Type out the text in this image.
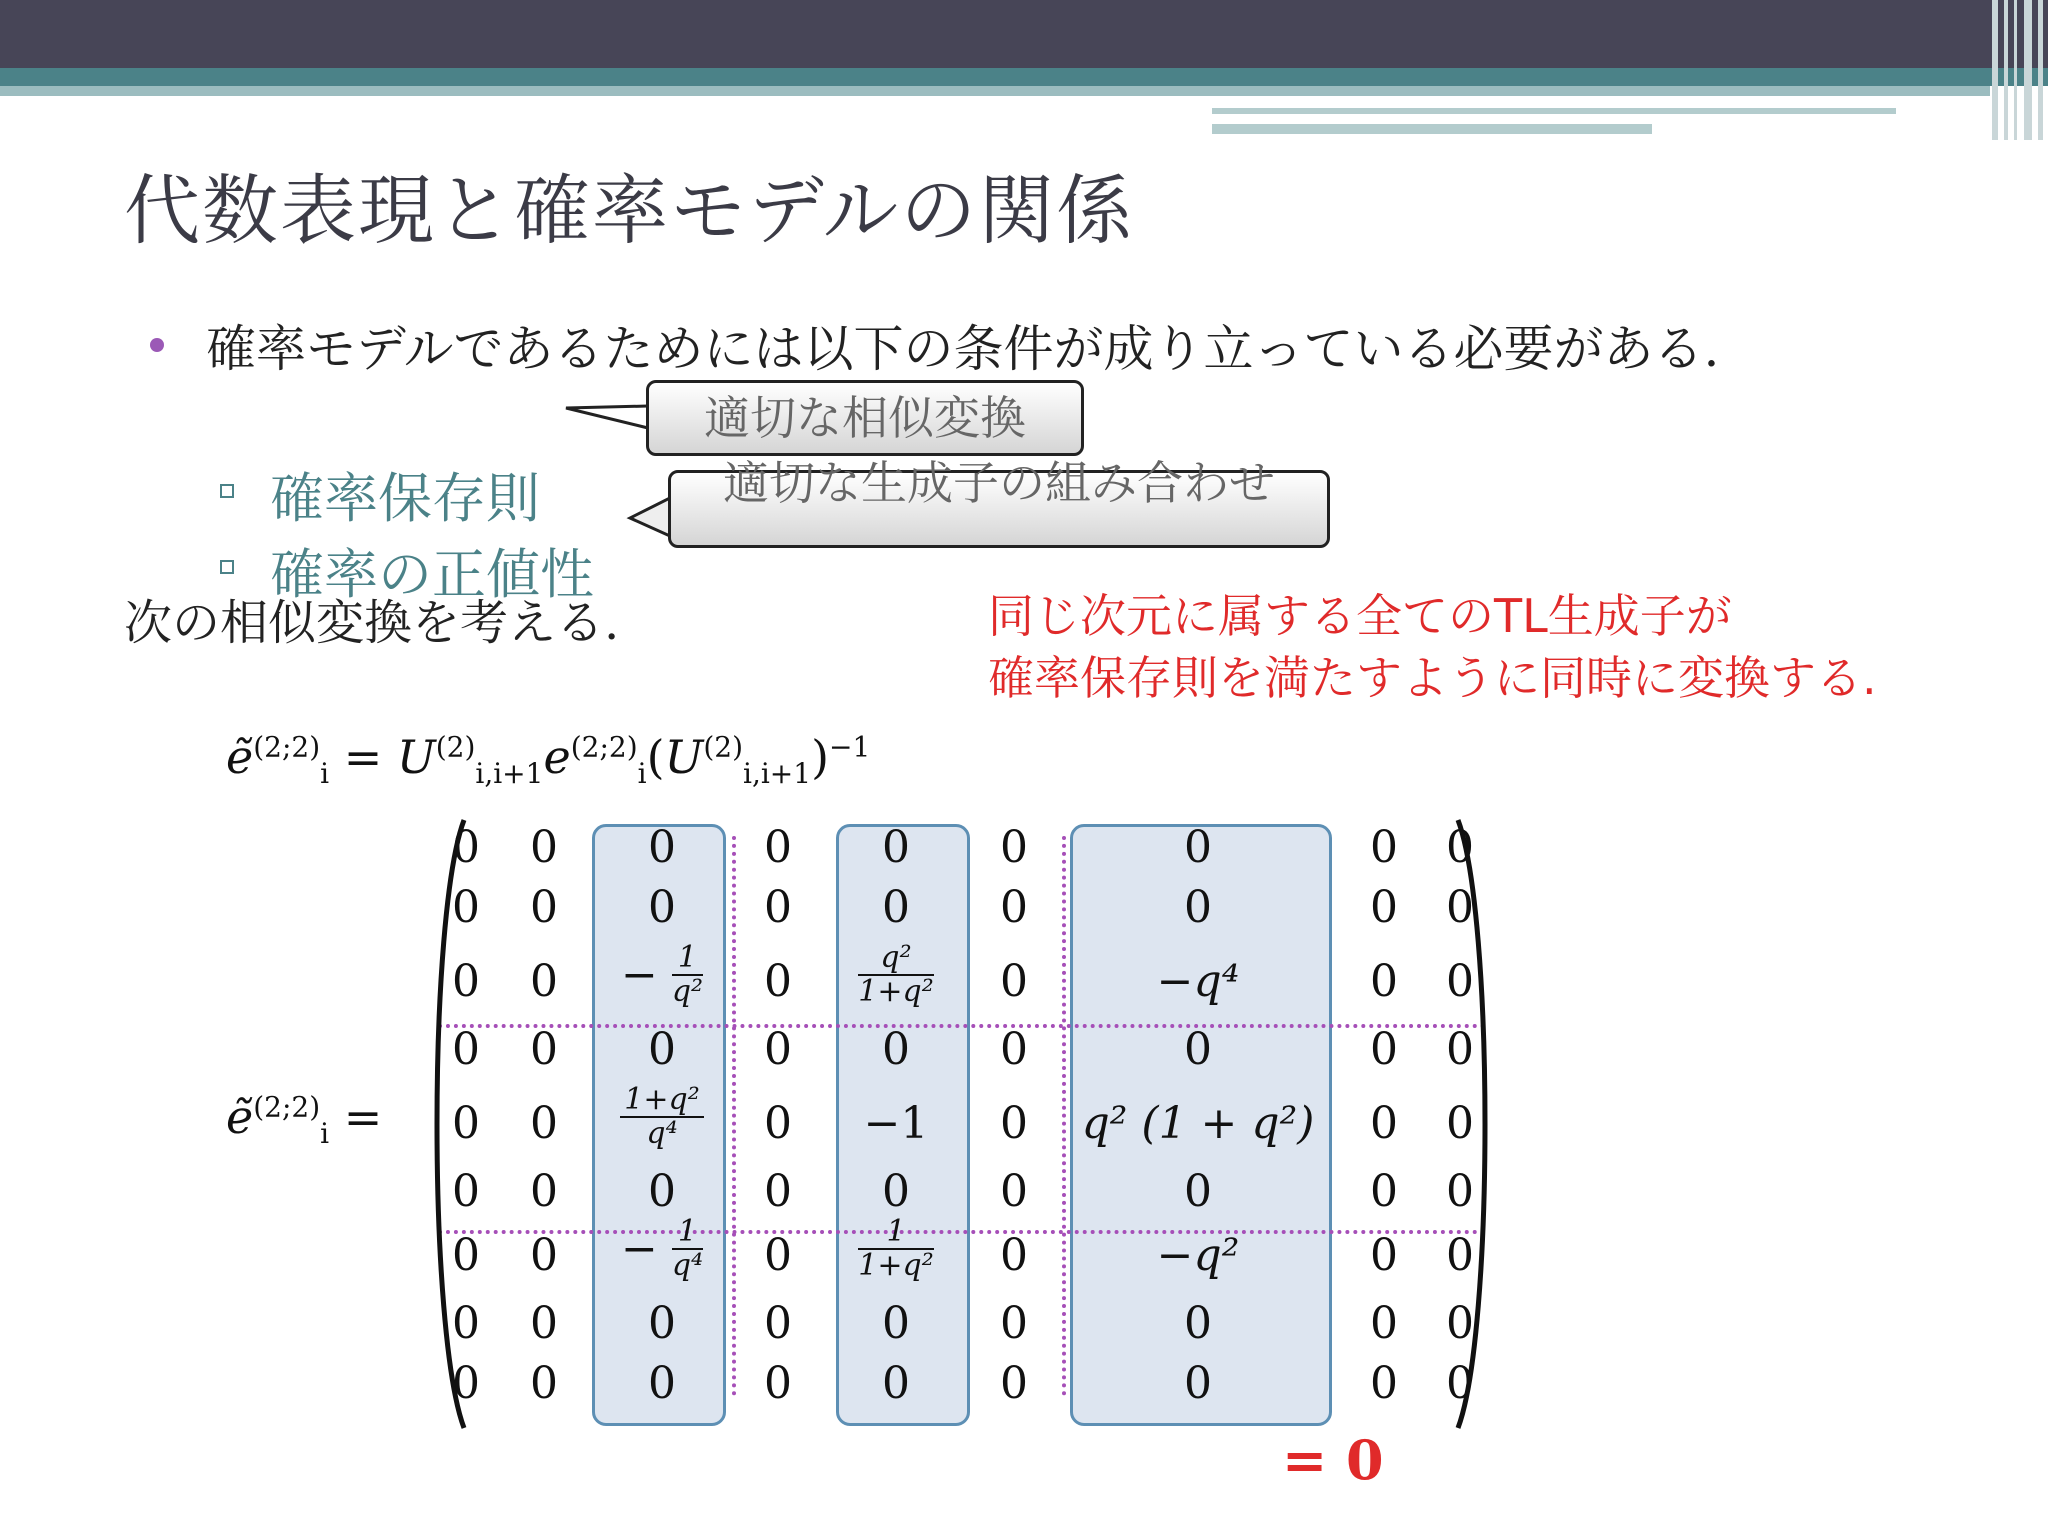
代数表現と確率モデルの関係
確率モデルであるためには以下の条件が成り立っている必要がある.
確率保存則
確率の正値性
次の相似変換を考える.
適切な相似変換
適切な生成子の組み合わせ
同じ次元に属する全てのTL生成子が
確率保存則を満たすように同時に変換する.
ẽ$^{(2;2)}_i$ = $U^{(2)}_{i,i+1}e^{(2;2)}_i(U^{(2)}_{i,i+1})^{-1}$
ẽ$^{(2;2)}_i$ =
0	0	0	0	0	0	0	0	0
0	0	0	0	0	0	0	0	0
0	0	− $\frac{1}{\text{q²}}$	0	$\frac{\text{q²}}{\text{1+q²}}$	0	−q⁴	0	0
0	0	0	0	0	0	0	0	0
0	0	$\frac{\text{1+q²}}{\text{q⁴}}$	0	−1	0	q² (1 + q²)	0	0
0	0	0	0	0	0	0	0	0
0	0	− $\frac{1}{\text{q⁴}}$	0	$\frac{1}{\text{1+q²}}$	0	−q²	0	0
0	0	0	0	0	0	0	0	0
0	0	0	0	0	0	0	0	0
= 0
